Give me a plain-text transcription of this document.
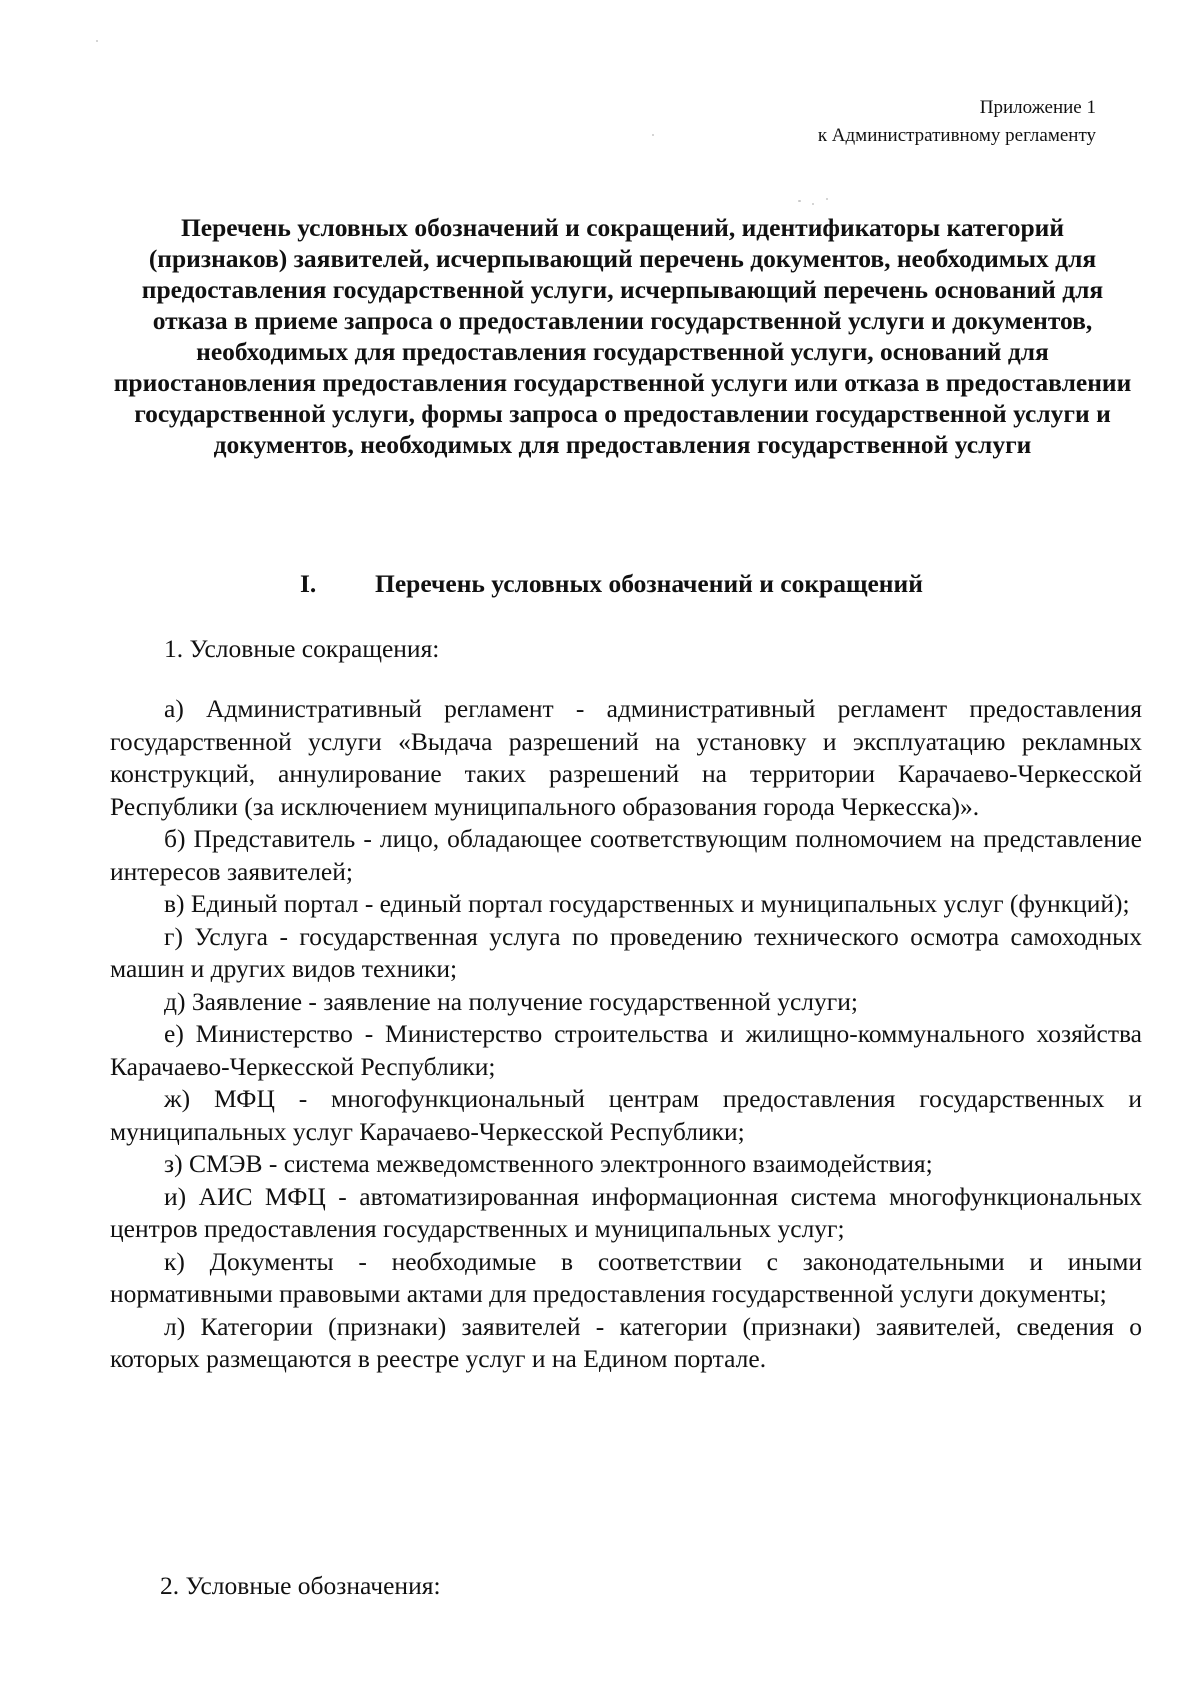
Приложение 1
к Административному регламенту
Перечень условных обозначений и сокращений, идентификаторы категорий (признаков) заявителей, исчерпывающий перечень документов, необходимых для предоставления государственной услуги, исчерпывающий перечень оснований для отказа в приеме запроса о предоставлении государственной услуги и документов, необходимых для предоставления государственной услуги, оснований для приостановления предоставления государственной услуги или отказа в предоставлении государственной услуги, формы запроса о предоставлении государственной услуги и документов, необходимых для предоставления государственной услуги
I. Перечень условных обозначений и сокращений
1. Условные сокращения:

а) Административный регламент - административный регламент предоставления государственной услуги «Выдача разрешений на установку и эксплуатацию рекламных конструкций, аннулирование таких разрешений на территории Карачаево-Черкесской Республики (за исключением муниципального образования города Черкесска)».

б) Представитель - лицо, обладающее соответствующим полномочием на представление интересов заявителей;

в) Единый портал - единый портал государственных и муниципальных услуг (функций);

г) Услуга - государственная услуга по проведению технического осмотра самоходных машин и других видов техники;

д) Заявление - заявление на получение государственной услуги;

е) Министерство - Министерство строительства и жилищно-коммунального хозяйства Карачаево-Черкесской Республики;

ж) МФЦ - многофункциональный центрам предоставления государственных и муниципальных услуг Карачаево-Черкесской Республики;

з) СМЭВ - система межведомственного электронного взаимодействия;

и) АИС МФЦ - автоматизированная информационная система многофункциональных центров предоставления государственных и муниципальных услуг;

к) Документы - необходимые в соответствии с законодательными и иными нормативными правовыми актами для предоставления государственной услуги документы;

л) Категории (признаки) заявителей - категории (признаки) заявителей, сведения о которых размещаются в реестре услуг и на Едином портале.

2. Условные обозначения:
